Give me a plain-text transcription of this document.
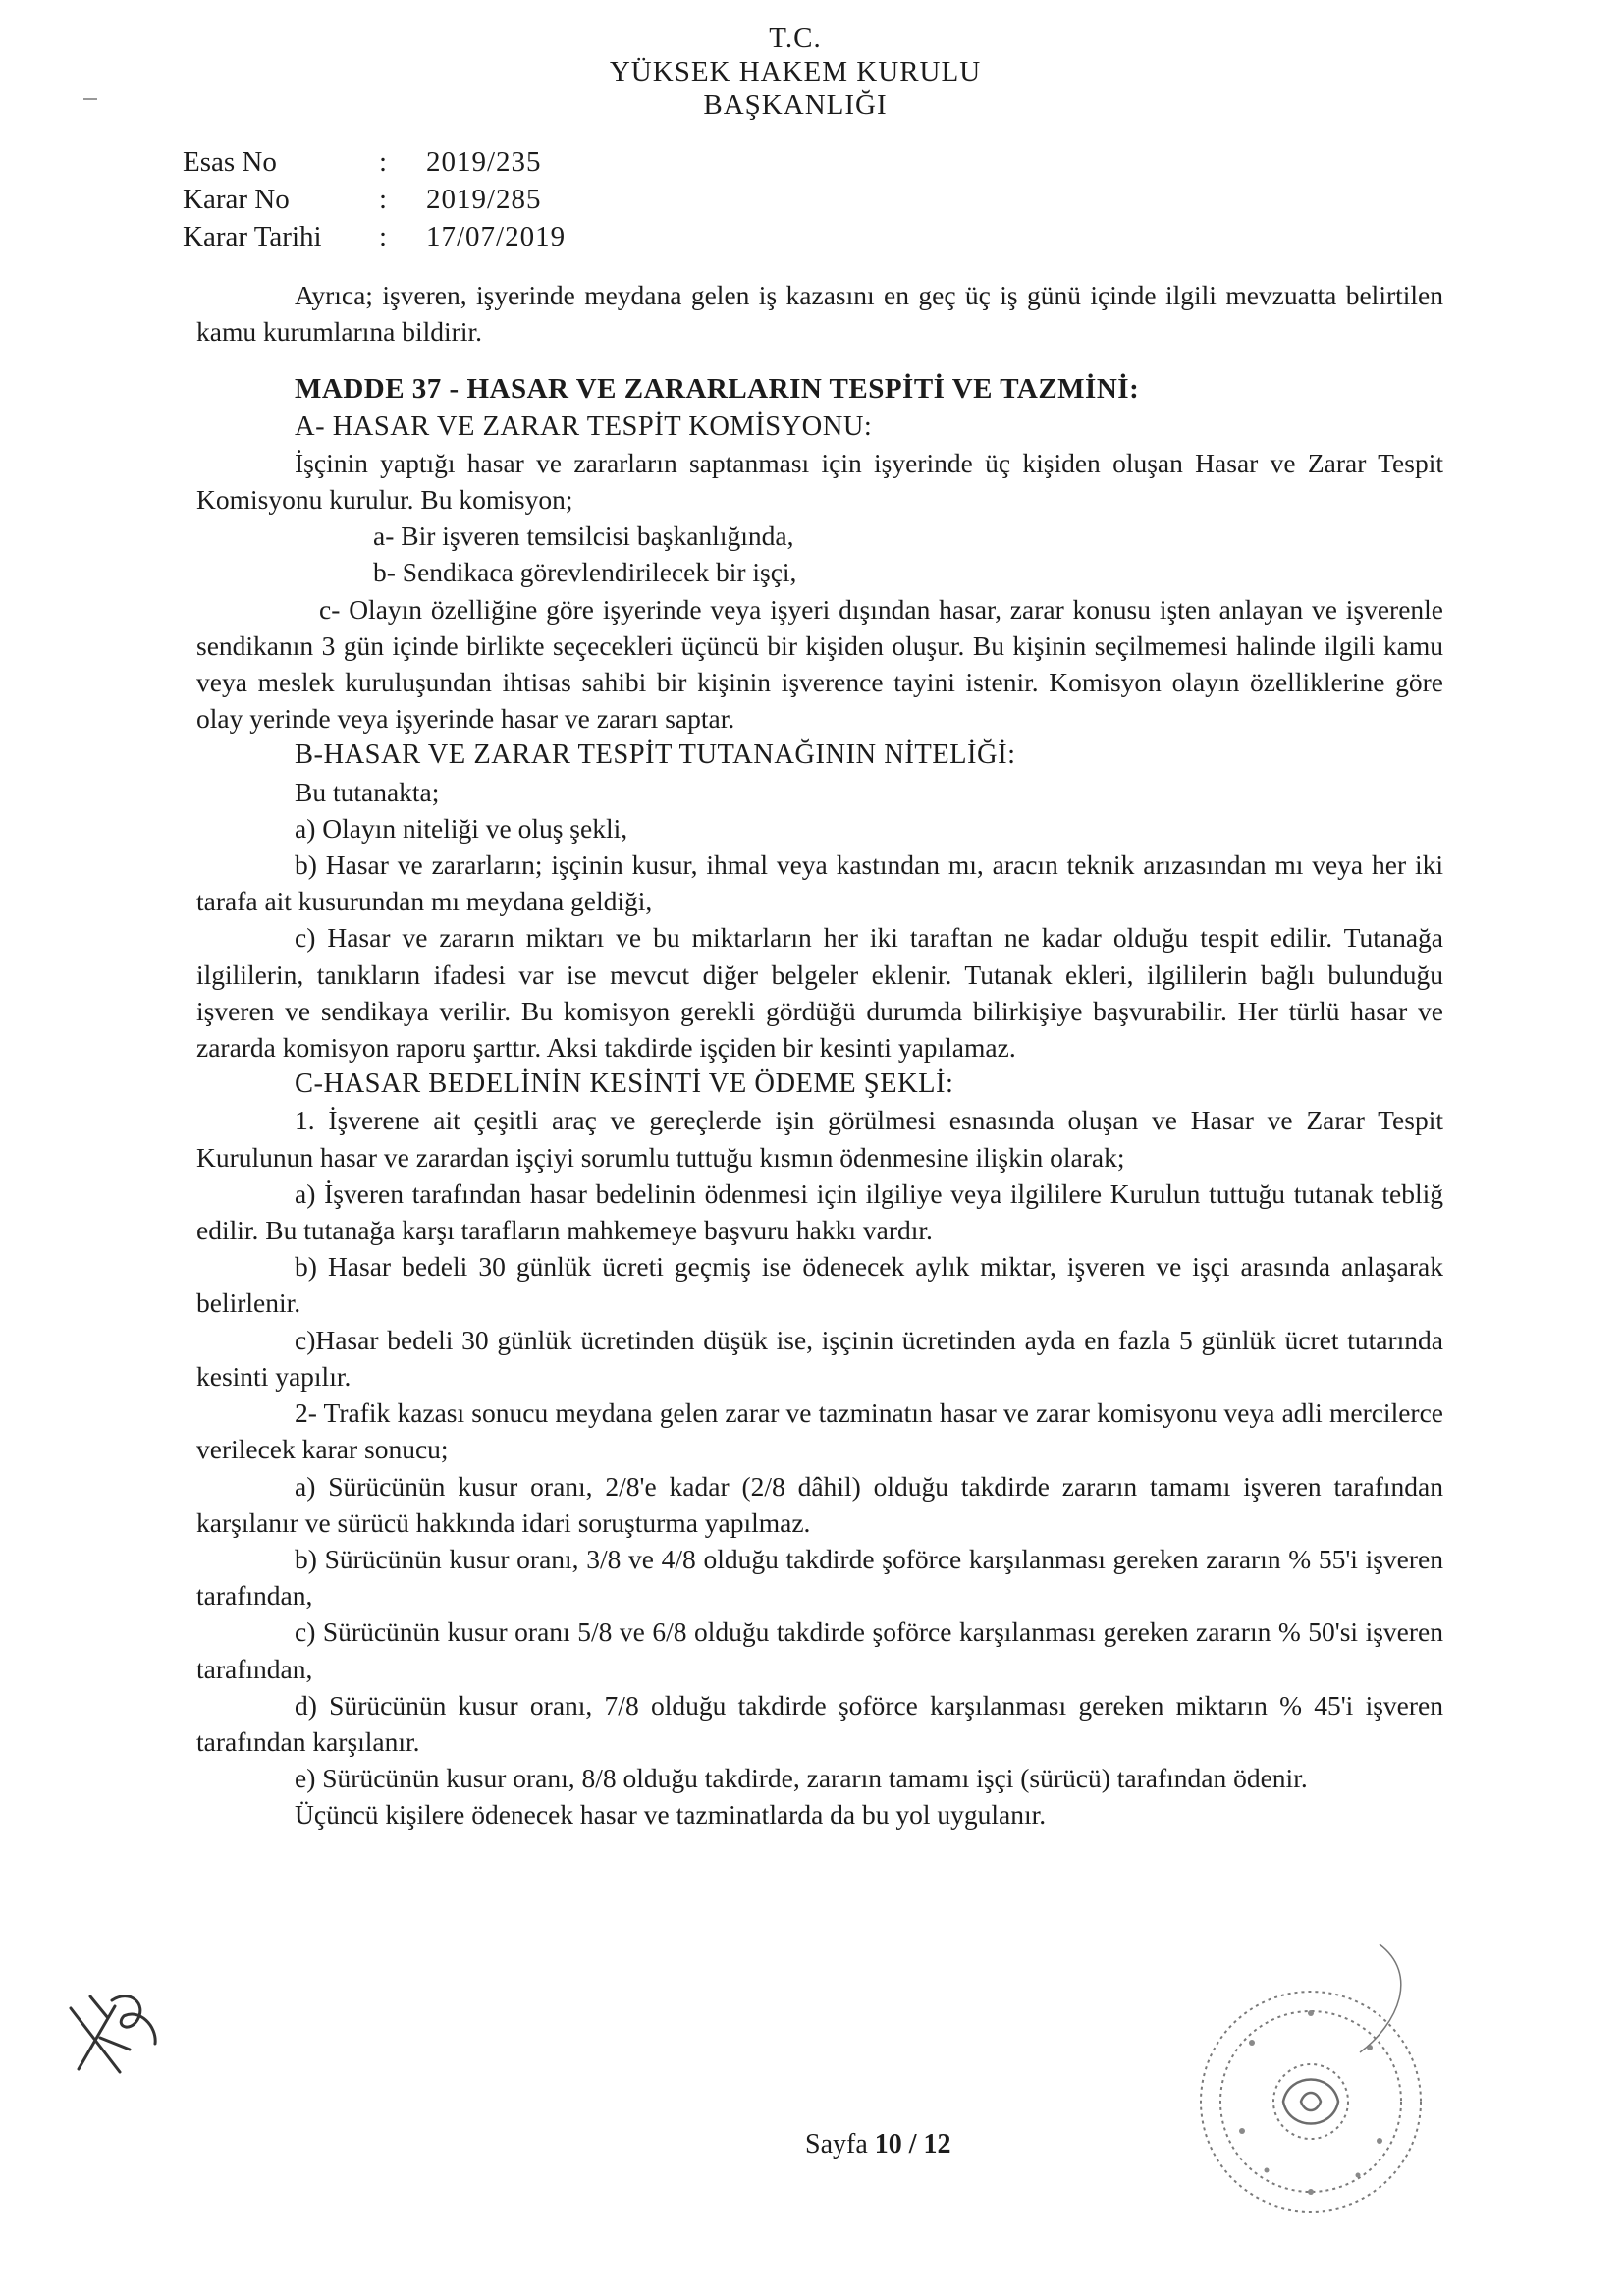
T.C.
YÜKSEK HAKEM KURULU
BAŞKANLIĞI
Esas No	:	2019/235
Karar No	:	2019/285
Karar Tarihi	:	17/07/2019

Ayrıca; işveren, işyerinde meydana gelen iş kazasını en geç üç iş günü içinde ilgili mevzuatta belirtilen kamu kurumlarına bildirir.

MADDE 37 - HASAR VE ZARARLARIN TESPİTİ VE TAZMİNİ:

A- HASAR VE ZARAR TESPİT KOMİSYONU:

İşçinin yaptığı hasar ve zararların saptanması için işyerinde üç kişiden oluşan Hasar ve Zarar Tespit Komisyonu kurulur. Bu komisyon;

a- Bir işveren temsilcisi başkanlığında,

b- Sendikaca görevlendirilecek bir işçi,

c- Olayın özelliğine göre işyerinde veya işyeri dışından hasar, zarar konusu işten anlayan ve işverenle sendikanın 3 gün içinde birlikte seçecekleri üçüncü bir kişiden oluşur. Bu kişinin seçilmemesi halinde ilgili kamu veya meslek kuruluşundan ihtisas sahibi bir kişinin işverence tayini istenir. Komisyon olayın özelliklerine göre olay yerinde veya işyerinde hasar ve zararı saptar.

B-HASAR VE ZARAR TESPİT TUTANAĞININ NİTELİĞİ:

Bu tutanakta;

a) Olayın niteliği ve oluş şekli,

b) Hasar ve zararların; işçinin kusur, ihmal veya kastından mı, aracın teknik arızasından mı veya her iki tarafa ait kusurundan mı meydana geldiği,

c) Hasar ve zararın miktarı ve bu miktarların her iki taraftan ne kadar olduğu tespit edilir. Tutanağa ilgililerin, tanıkların ifadesi var ise mevcut diğer belgeler eklenir. Tutanak ekleri, ilgililerin bağlı bulunduğu işveren ve sendikaya verilir. Bu komisyon gerekli gördüğü durumda bilirkişiye başvurabilir. Her türlü hasar ve zararda komisyon raporu şarttır. Aksi takdirde işçiden bir kesinti yapılamaz.

C-HASAR BEDELİNİN KESİNTİ VE ÖDEME ŞEKLİ:

1. İşverene ait çeşitli araç ve gereçlerde işin görülmesi esnasında oluşan ve Hasar ve Zarar Tespit Kurulunun hasar ve zarardan işçiyi sorumlu tuttuğu kısmın ödenmesine ilişkin olarak;

a) İşveren tarafından hasar bedelinin ödenmesi için ilgiliye veya ilgililere Kurulun tuttuğu tutanak tebliğ edilir. Bu tutanağa karşı tarafların mahkemeye başvuru hakkı vardır.

b) Hasar bedeli 30 günlük ücreti geçmiş ise ödenecek aylık miktar, işveren ve işçi arasında anlaşarak belirlenir.

c)Hasar bedeli 30 günlük ücretinden düşük ise, işçinin ücretinden ayda en fazla 5 günlük ücret tutarında kesinti yapılır.

2- Trafik kazası sonucu meydana gelen zarar ve tazminatın hasar ve zarar komisyonu veya adli mercilerce verilecek karar sonucu;

a) Sürücünün kusur oranı, 2/8'e kadar (2/8 dâhil) olduğu takdirde zararın tamamı işveren tarafından karşılanır ve sürücü hakkında idari soruşturma yapılmaz.

b) Sürücünün kusur oranı, 3/8 ve 4/8 olduğu takdirde şoförce karşılanması gereken zararın % 55'i işveren tarafından,

c) Sürücünün kusur oranı 5/8 ve 6/8 olduğu takdirde şoförce karşılanması gereken zararın % 50'si işveren tarafından,

d) Sürücünün kusur oranı, 7/8 olduğu takdirde şoförce karşılanması gereken miktarın % 45'i işveren tarafından karşılanır.

e) Sürücünün kusur oranı, 8/8 olduğu takdirde, zararın tamamı işçi (sürücü) tarafından ödenir.

Üçüncü kişilere ödenecek hasar ve tazminatlarda da bu yol uygulanır.

Sayfa 10 / 12
